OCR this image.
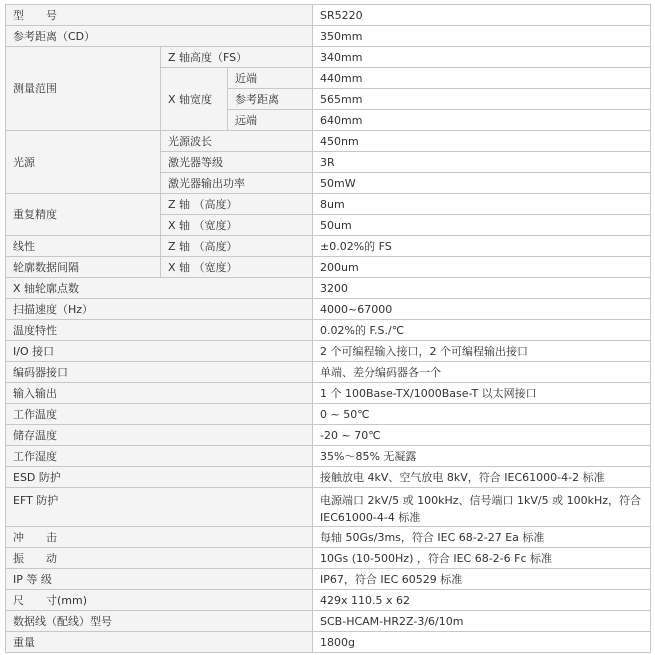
型　　号			SR5220
参考距离（CD）			350mm
测量范围	Z 轴高度（FS）		340mm
	X 轴宽度	近端	440mm
		参考距离	565mm
		远端	640mm
光源	光源波长		450nm
	激光器等级		3R
	激光器输出功率		50mW
重复精度	Z 轴 （高度）		8um
	X 轴 （宽度）		50um
线性	Z 轴 （高度）		±0.02%的 FS
轮廓数据间隔	X 轴 （宽度）		200um
X 轴轮廓点数			3200
扫描速度（Hz）			4000~67000
温度特性			0.02%的 F.S./℃
I/O 接口			2 个可编程输入接口，2 个可编程输出接口
编码器接口			单端、差分编码器各一个
输入输出			1 个 100Base-TX/1000Base-T 以太网接口
工作温度			0 ~ 50℃
储存温度			-20 ~ 70℃
工作湿度			35%～85% 无凝露
ESD 防护			接触放电 4kV、空气放电 8kV，符合 IEC61000-4-2 标准
EFT 防护			电源端口 2kV/5 或 100kHz、信号端口 1kV/5 或 100kHz，符合 IEC61000-4-4 标准
冲　　击			每轴 50Gs/3ms，符合 IEC 68-2-27 Ea 标准
振　　动			10Gs (10-500Hz) ，符合 IEC 68-2-6 Fc 标准
IP 等 级			IP67，符合 IEC 60529 标准
尺　　寸(mm)			429x 110.5 x 62
数据线（配线）型号			SCB-HCAM-HR2Z-3/6/10m
重量			1800g
